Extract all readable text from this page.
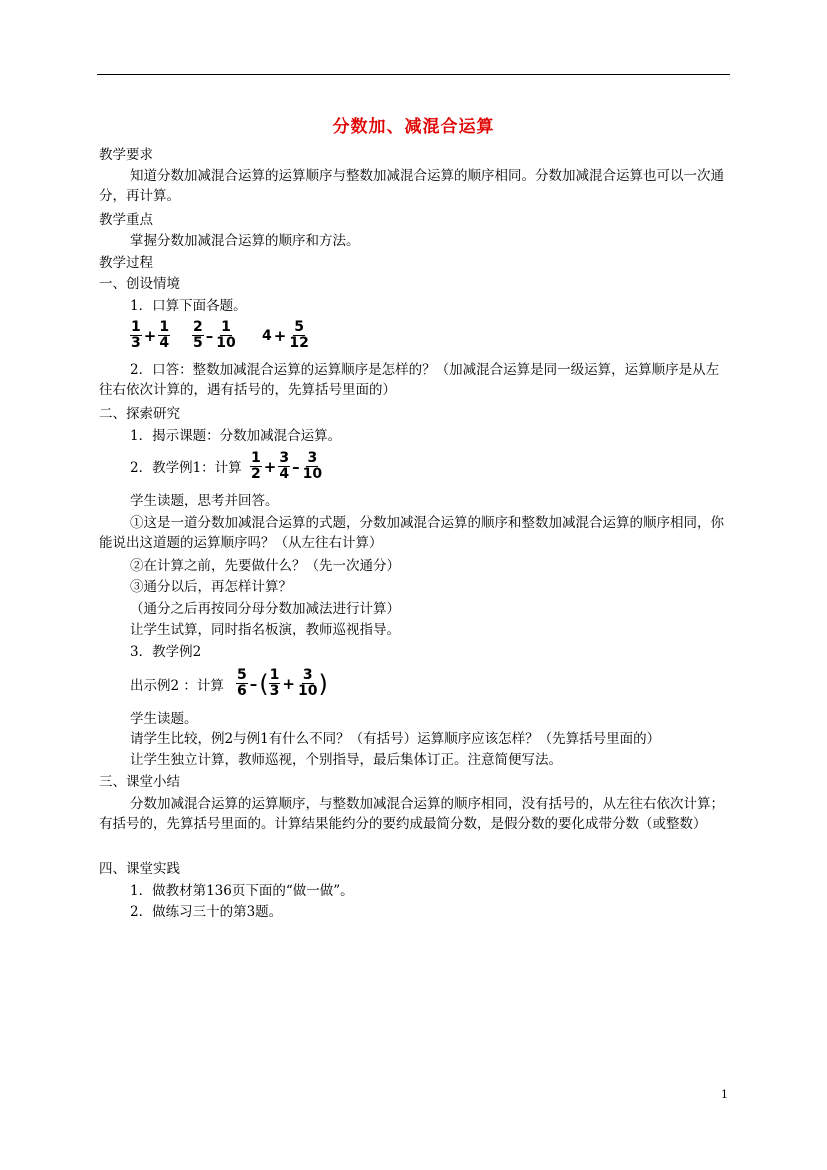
分数加、减混合运算
教学要求
知道分数加减混合运算的运算顺序与整数加减混合运算的顺序相同。分数加减混合运算也可以一次通分，再计算。
教学重点
掌握分数加减混合运算的顺序和方法。
教学过程
一、创设情境
1．口算下面各题。
$\frac{1}{3} + \frac{1}{4} \frac{2}{5} - \frac{1}{10} 4 + \frac{5}{12}$
2．口答：整数加减混合运算的运算顺序是怎样的？（加减混合运算是同一级运算，运算顺序是从左往右依次计算的，遇有括号的，先算括号里面的）
二、探索研究
1．揭示课题：分数加减混合运算。
2．教学例1：计算 $\frac{1}{2} + \frac{3}{4} - \frac{3}{10}$
学生读题，思考并回答。
①这是一道分数加减混合运算的式题，分数加减混合运算的顺序和整数加减混合运算的顺序相同，你能说出这道题的运算顺序吗？（从左往右计算）
②在计算之前，先要做什么？（先一次通分）
③通分以后，再怎样计算？
（通分之后再按同分母分数加减法进行计算）
让学生试算，同时指名板演，教师巡视指导。
3．教学例2
出示例2 ：计算 $\frac{5}{6}$ – ( $\frac{1}{3} + \frac{3}{10}$ )
学生读题。
请学生比较，例2与例1有什么不同？（有括号）运算顺序应该怎样？（先算括号里面的）
让学生独立计算，教师巡视，个别指导，最后集体订正。注意简便写法。
三、课堂小结
分数加减混合运算的运算顺序，与整数加减混合运算的顺序相同，没有括号的，从左往右依次计算；有括号的，先算括号里面的。计算结果能约分的要约成最简分数，是假分数的要化成带分数（或整数）
四、课堂实践
1．做教材第136页下面的“做一做”。
2．做练习三十的第3题。
1
